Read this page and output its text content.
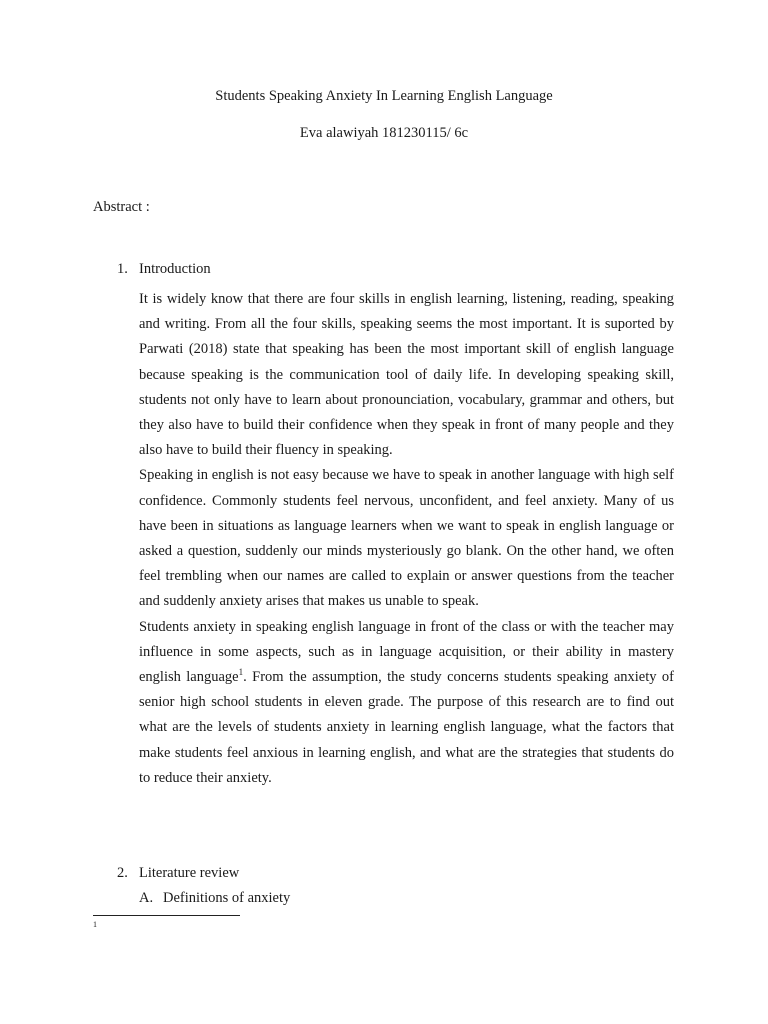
Students Speaking Anxiety In Learning English Language
Eva alawiyah 181230115/ 6c
Abstract :
1. Introduction

It is widely know that there are four skills in english learning, listening, reading, speaking and writing. From all the four skills, speaking seems the most important. It is suported by Parwati (2018) state that speaking has been the most important skill of english language because speaking is the communication tool of daily life. In developing speaking skill, students not only have to learn about pronounciation, vocabulary, grammar and others, but they also have to build their confidence when they speak in front of many people and they also have to build their fluency in speaking.

Speaking in english is not easy because we have to speak in another language with high self confidence. Commonly students feel nervous, unconfident, and feel anxiety. Many of us have been in situations as language learners when we want to speak in english language or asked a question, suddenly our minds mysteriously go blank. On the other hand, we often feel trembling when our names are called to explain or answer questions from the teacher and suddenly anxiety arises that makes us unable to speak.

Students anxiety in speaking english language in front of the class or with the teacher may influence in some aspects, such as in language acquisition, or their ability in mastery english language$^1$. From the assumption, the study concerns students speaking anxiety of senior high school students in eleven grade. The purpose of this research are to find out what are the levels of students anxiety in learning english language, what the factors that make students feel anxious in learning english, and what are the strategies that students do to reduce their anxiety.

2. Literature review
A. Definitions of anxiety
1
